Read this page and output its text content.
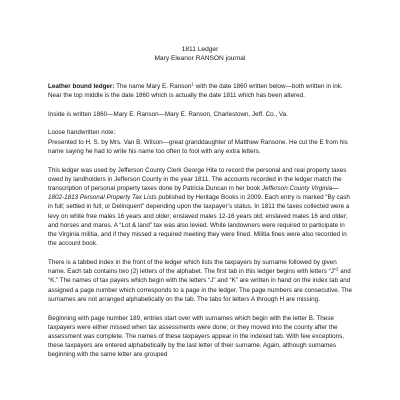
1811 Ledger

Mary Eleanor RANSON journal

Leather bound ledger: The name Mary E. Ranson$^1$ with the date 1860 written below—both written in ink. Near the top middle is the date 1860 which is actually the date 1811 which has been altered.

Inside is written 1860—Mary E. Ranson—Mary E. Ranson, Charlestown, Jeff. Co., Va.

Loose handwritten note:

Presented to H. S. by Mrs. Van B. Wilson—great granddaughter of Matthew Ransone. He cut the E from his name saying he had to write his name too often to fool with any extra letters.

This ledger was used by Jefferson County Clerk George Hite to record the personal and real property taxes owed by landholders in Jefferson County in the year 1811. The accounts recorded in the ledger match the transcription of personal property taxes done by Patricia Duncan in her book Jefferson County Virginia—1802-1813 Personal Property Tax Lists published by Heritage Books in 2009. Each entry is marked “By cash in full; settled in full; or Delinquent” depending upon the taxpayer’s status. In 1811 the taxes collected were a levy on white free males 16 years and older; enslaved males 12-16 years old; enslaved males 16 and older; and horses and mares. A “Lot & land” tax was also levied. White landowners were required to participate in the Virginia militia, and if they missed a required meeting they were fined. Militia fines were also recorded in the account book.

There is a tabbed index in the front of the ledger which lists the taxpayers by surname followed by given name. Each tab contains two (2) letters of the alphabet. The first tab in this ledger begins with letters “J”$^2$ and “K.” The names of tax payers which begin with the letters “J” and “K” are written in hand on the index tab and assigned a page number which corresponds to a page in the ledger. The page numbers are consecutive. The surnames are not arranged alphabetically on the tab. The tabs for letters A through H are missing.

Beginning with page number 189, entries start over with surnames which begin with the letter B. These taxpayers were either missed when tax assessments were done; or they moved into the county after the assessment was complete. The names of these taxpayers appear in the indexed tab. With few exceptions, these taxpayers are entered alphabetically by the last letter of their surname. Again, although surnames beginning with the same letter are grouped
